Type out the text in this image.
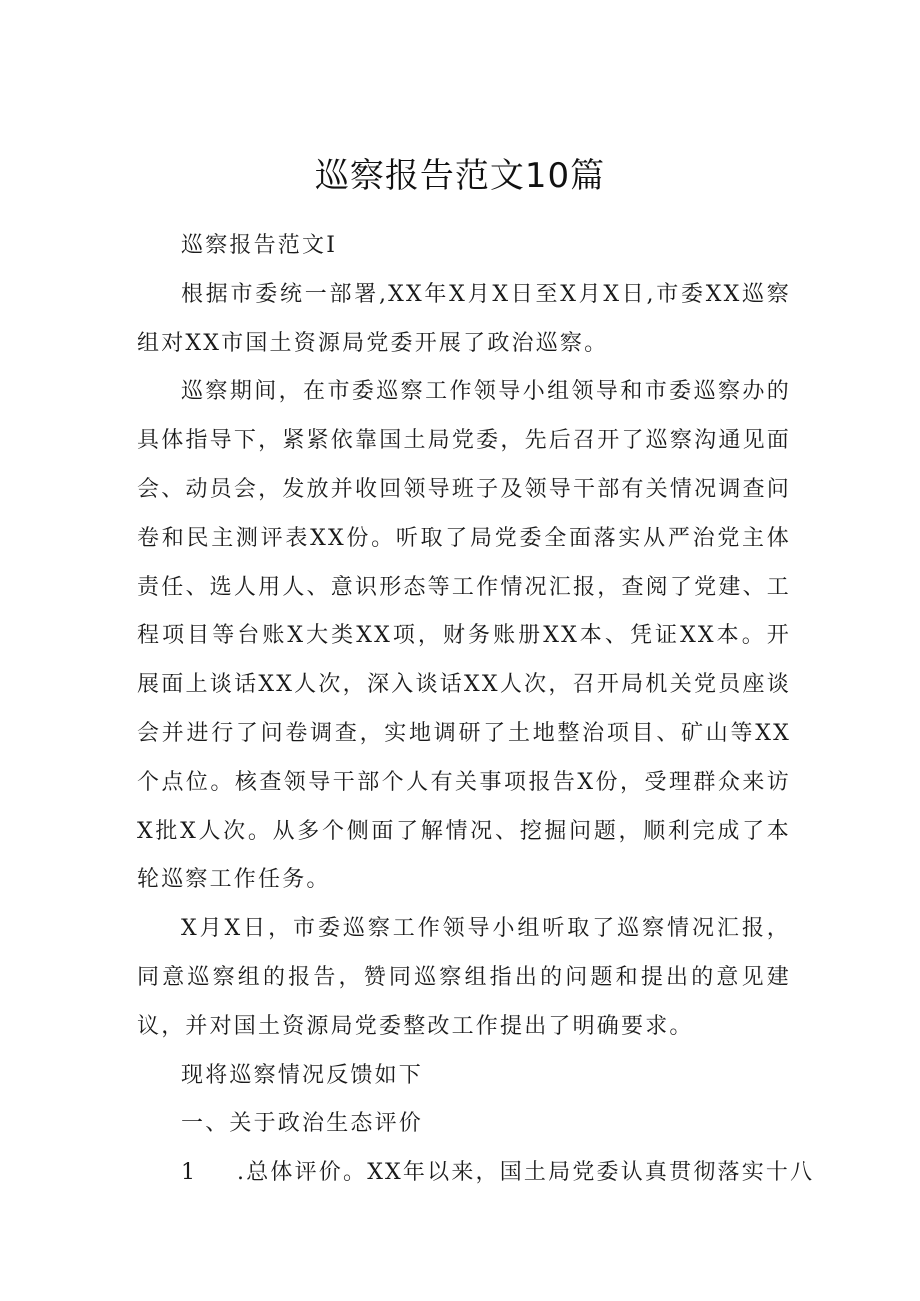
巡察报告范文10篇

巡察报告范文I

根据市委统一部署,XX年X月X日至X月X日,市委XX巡察组对XX市国土资源局党委开展了政治巡察。

巡察期间，在市委巡察工作领导小组领导和市委巡察办的具体指导下，紧紧依靠国土局党委，先后召开了巡察沟通见面会、动员会，发放并收回领导班子及领导干部有关情况调查问卷和民主测评表XX份。听取了局党委全面落实从严治党主体责任、选人用人、意识形态等工作情况汇报，查阅了党建、工程项目等台账X大类XX项，财务账册XX本、凭证XX本。开展面上谈话XX人次，深入谈话XX人次，召开局机关党员座谈会并进行了问卷调查，实地调研了土地整治项目、矿山等XX个点位。核查领导干部个人有关事项报告X份，受理群众来访X批X人次。从多个侧面了解情况、挖掘问题，顺利完成了本轮巡察工作任务。

X月X日，市委巡察工作领导小组听取了巡察情况汇报，同意巡察组的报告，赞同巡察组指出的问题和提出的意见建议，并对国土资源局党委整改工作提出了明确要求。

现将巡察情况反馈如下

一、关于政治生态评价

1 .总体评价。XX年以来，国土局党委认真贯彻落实十八
